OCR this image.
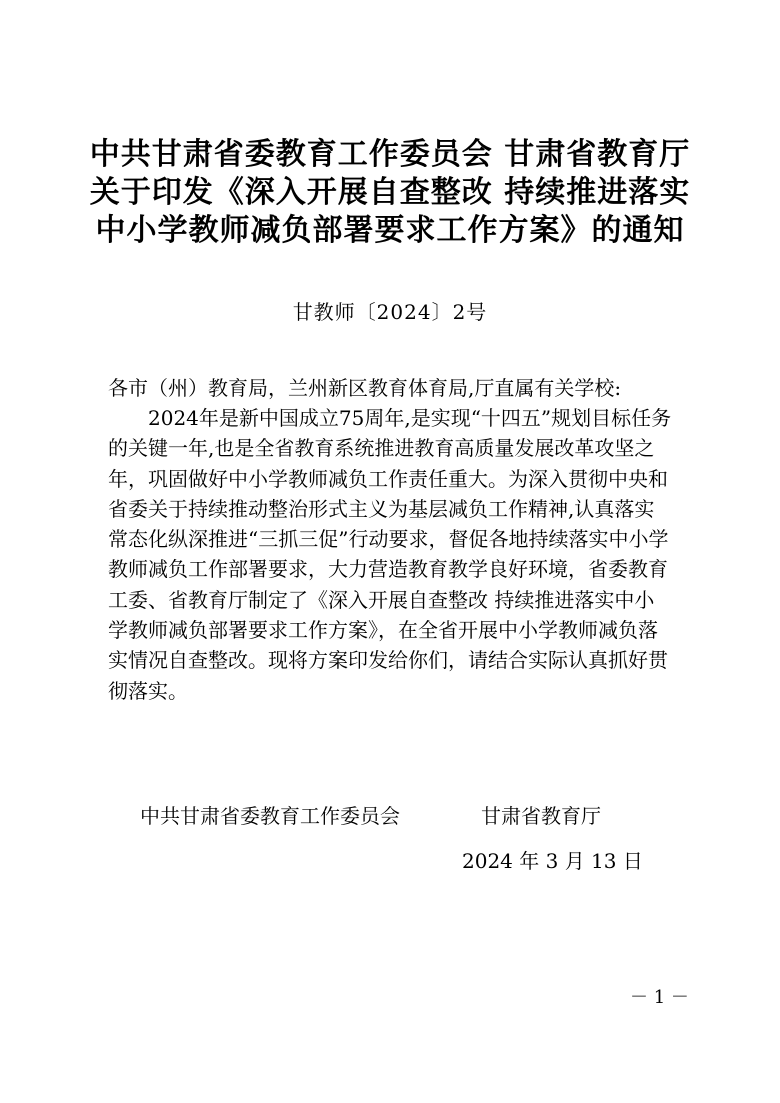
中共甘肃省委教育工作委员会 甘肃省教育厅
关于印发《深入开展自查整改 持续推进落实
中小学教师减负部署要求工作方案》的通知
甘教师〔2024〕2号
各市（州）教育局，兰州新区教育体育局,厅直属有关学校:
　　2024年是新中国成立75周年,是实现“十四五”规划目标任务
的关键一年,也是全省教育系统推进教育高质量发展改革攻坚之
年，巩固做好中小学教师减负工作责任重大。为深入贯彻中央和
省委关于持续推动整治形式主义为基层减负工作精神,认真落实
常态化纵深推进“三抓三促”行动要求，督促各地持续落实中小学
教师减负工作部署要求，大力营造教育教学良好环境，省委教育
工委、省教育厅制定了《深入开展自查整改 持续推进落实中小
学教师减负部署要求工作方案》，在全省开展中小学教师减负落
实情况自查整改。现将方案印发给你们，请结合实际认真抓好贯
彻落实。
中共甘肃省委教育工作委员会	甘肃省教育厅
2024 年 3 月 13 日
－ 1 －
